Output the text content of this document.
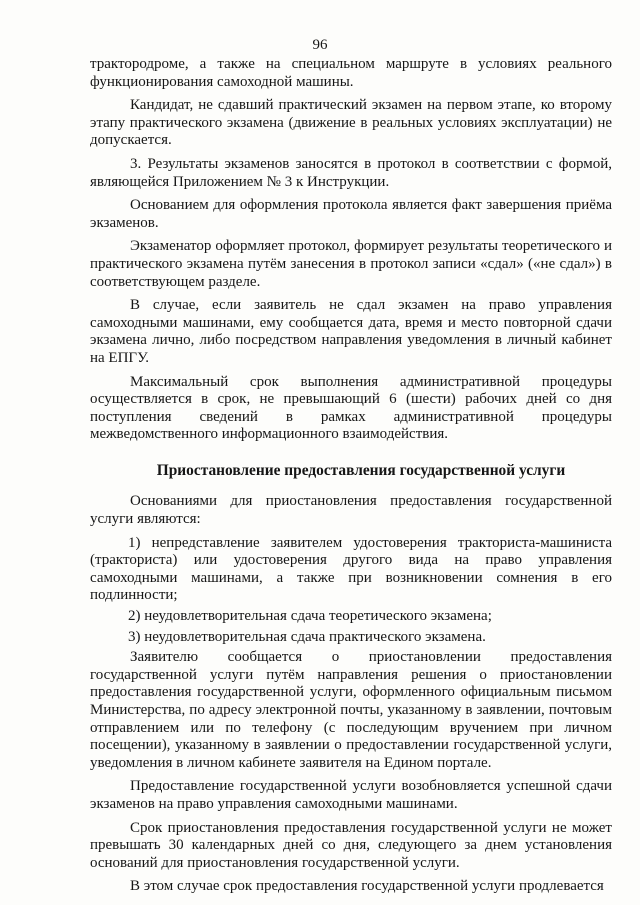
96

трактородроме, а также на специальном маршруте в условиях реального функционирования самоходной машины.

Кандидат, не сдавший практический экзамен на первом этапе, ко второму этапу практического экзамена (движение в реальных условиях эксплуатации) не допускается.

3. Результаты экзаменов заносятся в протокол в соответствии с формой, являющейся Приложением № 3 к Инструкции.

Основанием для оформления протокола является факт завершения приёма экзаменов.

Экзаменатор оформляет протокол, формирует результаты теоретического и практического экзамена путём занесения в протокол записи «сдал» («не сдал») в соответствующем разделе.

В случае, если заявитель не сдал экзамен на право управления самоходными машинами, ему сообщается дата, время и место повторной сдачи экзамена лично, либо посредством направления уведомления в личный кабинет на ЕПГУ.

Максимальный срок выполнения административной процедуры осуществляется в срок, не превышающий 6 (шести) рабочих дней со дня поступления сведений в рамках административной процедуры межведомственного информационного взаимодействия.

Приостановление предоставления государственной услуги

Основаниями для приостановления предоставления государственной услуги являются:

1) непредставление заявителем удостоверения тракториста-машиниста (тракториста) или удостоверения другого вида на право управления самоходными машинами, а также при возникновении сомнения в его подлинности;

2) неудовлетворительная сдача теоретического экзамена;

3) неудовлетворительная сдача практического экзамена.

Заявителю сообщается о приостановлении предоставления государственной услуги путём направления решения о приостановлении предоставления государственной услуги, оформленного официальным письмом Министерства, по адресу электронной почты, указанному в заявлении, почтовым отправлением или по телефону (с последующим вручением при личном посещении), указанному в заявлении о предоставлении государственной услуги, уведомления в личном кабинете заявителя на Едином портале.

Предоставление государственной услуги возобновляется успешной сдачи экзаменов на право управления самоходными машинами.

Срок приостановления предоставления государственной услуги не может превышать 30 календарных дней со дня, следующего за днем установления оснований для приостановления государственной услуги.

В этом случае срок предоставления государственной услуги продлевается
